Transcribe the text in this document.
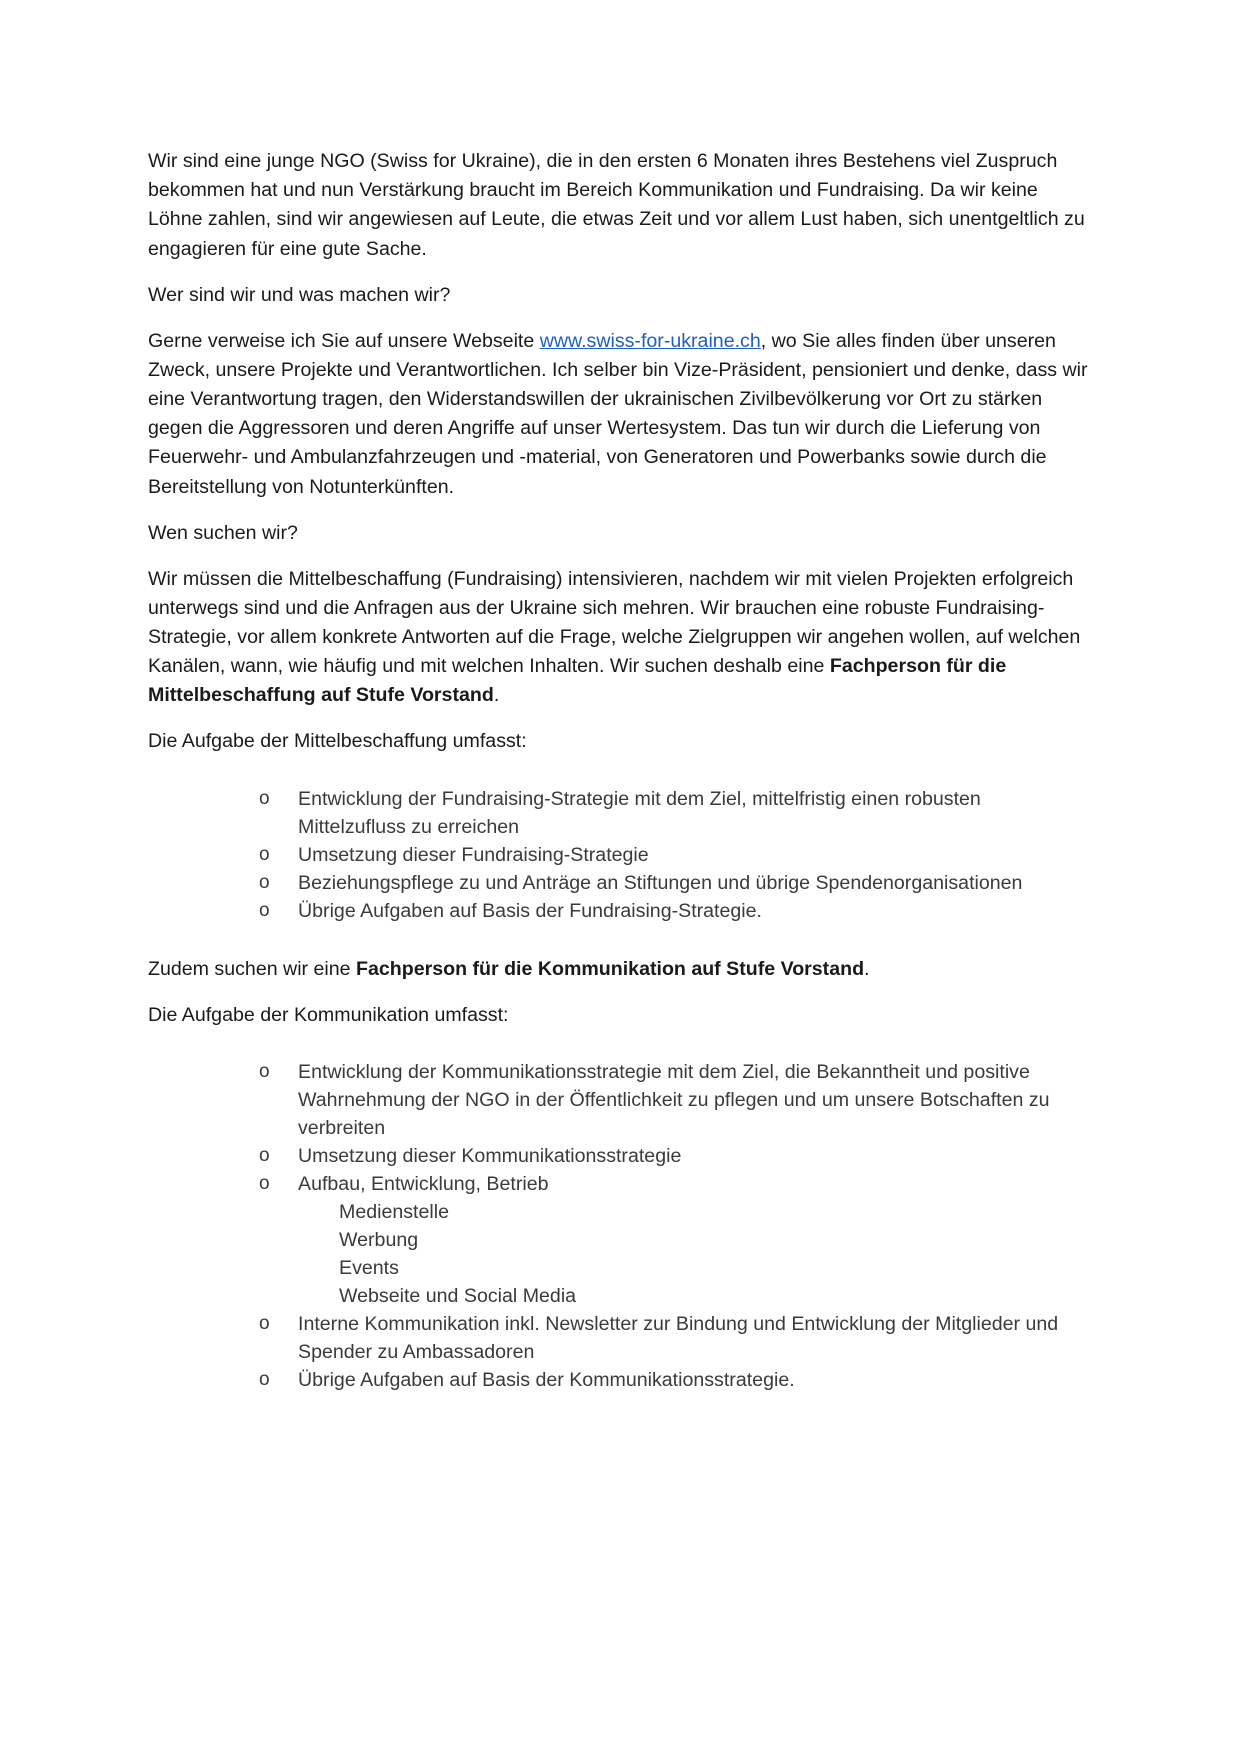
Wir sind eine junge NGO (Swiss for Ukraine), die in den ersten 6 Monaten ihres Bestehens viel Zuspruch bekommen hat und nun Verstärkung braucht im Bereich Kommunikation und Fundraising. Da wir keine Löhne zahlen, sind wir angewiesen auf Leute, die etwas Zeit und vor allem Lust haben, sich unentgeltlich zu engagieren für eine gute Sache.

Wer sind wir und was machen wir?

Gerne verweise ich Sie auf unsere Webseite www.swiss-for-ukraine.ch, wo Sie alles finden über unseren Zweck, unsere Projekte und Verantwortlichen. Ich selber bin Vize-Präsident, pensioniert und denke, dass wir eine Verantwortung tragen, den Widerstandswillen der ukrainischen Zivilbevölkerung vor Ort zu stärken gegen die Aggressoren und deren Angriffe auf unser Wertesystem. Das tun wir durch die Lieferung von Feuerwehr- und Ambulanzfahrzeugen und -material, von Generatoren und Powerbanks sowie durch die Bereitstellung von Notunterkünften.

Wen suchen wir?

Wir müssen die Mittelbeschaffung (Fundraising) intensivieren, nachdem wir mit vielen Projekten erfolgreich unterwegs sind und die Anfragen aus der Ukraine sich mehren. Wir brauchen eine robuste Fundraising-Strategie, vor allem konkrete Antworten auf die Frage, welche Zielgruppen wir angehen wollen, auf welchen Kanälen, wann, wie häufig und mit welchen Inhalten. Wir suchen deshalb eine Fachperson für die Mittelbeschaffung auf Stufe Vorstand.

Die Aufgabe der Mittelbeschaffung umfasst:

o Entwicklung der Fundraising-Strategie mit dem Ziel, mittelfristig einen robusten Mittelzufluss zu erreichen
o Umsetzung dieser Fundraising-Strategie
o Beziehungspflege zu und Anträge an Stiftungen und übrige Spendenorganisationen
o Übrige Aufgaben auf Basis der Fundraising-Strategie.

Zudem suchen wir eine Fachperson für die Kommunikation auf Stufe Vorstand.

Die Aufgabe der Kommunikation umfasst:

o Entwicklung der Kommunikationsstrategie mit dem Ziel, die Bekanntheit und positive Wahrnehmung der NGO in der Öffentlichkeit zu pflegen und um unsere Botschaften zu verbreiten
o Umsetzung dieser Kommunikationsstrategie
o Aufbau, Entwicklung, Betrieb
Medienstelle
Werbung
Events
Webseite und Social Media
o Interne Kommunikation inkl. Newsletter zur Bindung und Entwicklung der Mitglieder und Spender zu Ambassadoren
o Übrige Aufgaben auf Basis der Kommunikationsstrategie.
